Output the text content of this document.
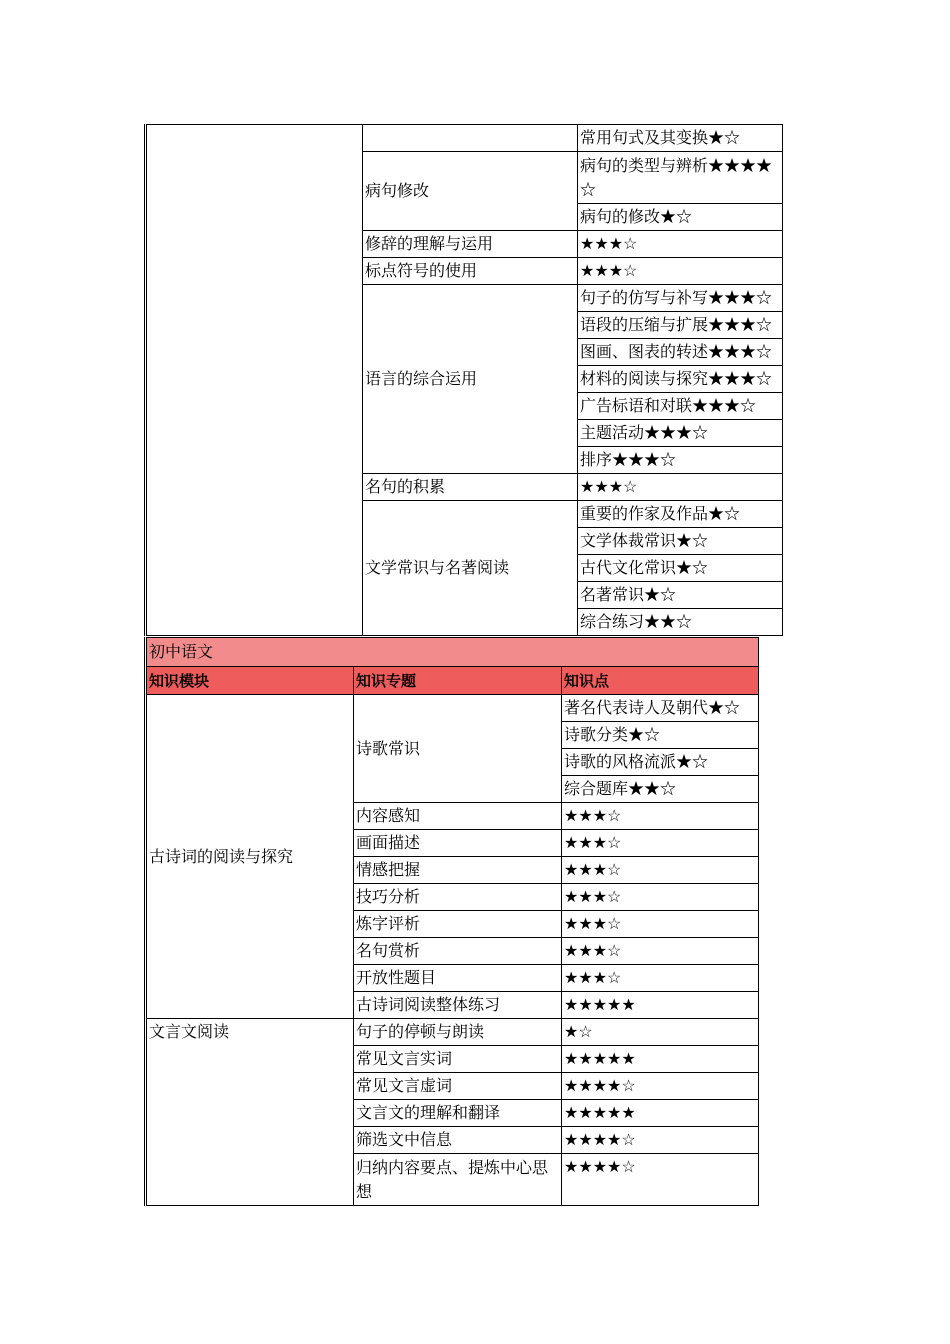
		常用句式及其变换★☆
	病句修改	病句的类型与辨析★★★★☆
		病句的修改★☆
	修辞的理解与运用	★★★☆
	标点符号的使用	★★★☆
	语言的综合运用	句子的仿写与补写★★★☆
		语段的压缩与扩展★★★☆
		图画、图表的转述★★★☆
		材料的阅读与探究★★★☆
		广告标语和对联★★★☆
		主题活动★★★☆
		排序★★★☆
	名句的积累	★★★☆
	文学常识与名著阅读	重要的作家及作品★☆
		文学体裁常识★☆
		古代文化常识★☆
		名著常识★☆
		综合练习★★☆
初中语文		
知识模块	知识专题	知识点
古诗词的阅读与探究	诗歌常识	著名代表诗人及朝代★☆
		诗歌分类★☆
		诗歌的风格流派★☆
		综合题库★★☆
	内容感知	★★★☆
	画面描述	★★★☆
	情感把握	★★★☆
	技巧分析	★★★☆
	炼字评析	★★★☆
	名句赏析	★★★☆
	开放性题目	★★★☆
	古诗词阅读整体练习	★★★★★
文言文阅读	句子的停顿与朗读	★☆
	常见文言实词	★★★★★
	常见文言虚词	★★★★☆
	文言文的理解和翻译	★★★★★
	筛选文中信息	★★★★☆
	归纳内容要点、提炼中心思想	★★★★☆
